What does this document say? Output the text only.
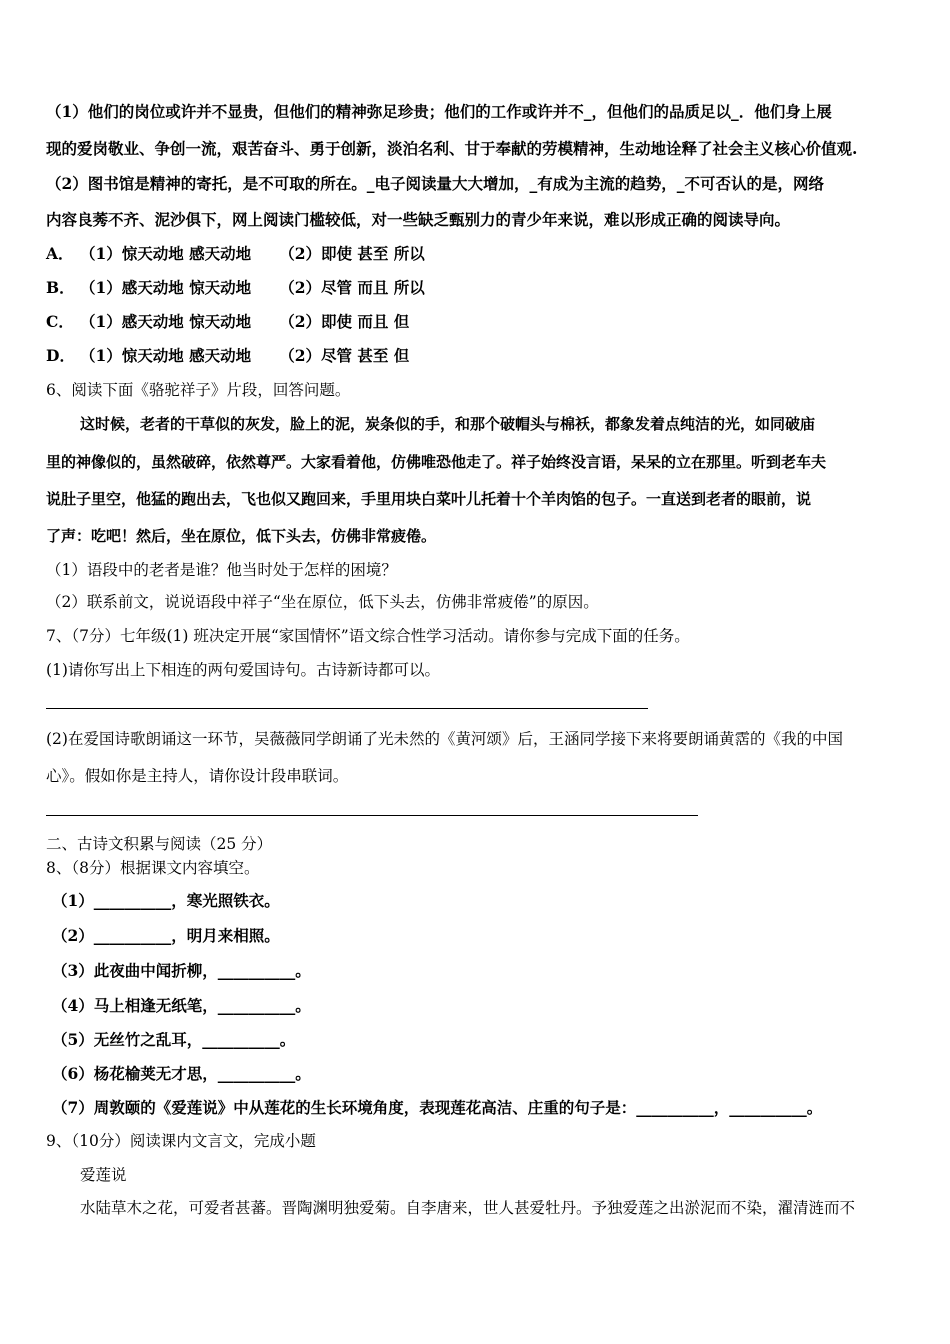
（1）他们的岗位或许并不显贵，但他们的精神弥足珍贵；他们的工作或许并不_，但他们的品质足以_．他们身上展
现的爱岗敬业、争创一流，艰苦奋斗、勇于创新，淡泊名利、甘于奉献的劳模精神，生动地诠释了社会主义核心价值观.
（2）图书馆是精神的寄托，是不可取的所在。_电子阅读量大大增加，_有成为主流的趋势，_不可否认的是，网络
内容良莠不齐、泥沙俱下，网上阅读门槛较低，对一些缺乏甄别力的青少年来说，难以形成正确的阅读导向。
A． （1）惊天动地 感天动地 （2）即使 甚至 所以
B． （1）感天动地 惊天动地 （2）尽管 而且 所以
C． （1）感天动地 惊天动地 （2）即使 而且 但
D． （1）惊天动地 感天动地 （2）尽管 甚至 但
6、阅读下面《骆驼祥子》片段，回答问题。
这时候，老者的干草似的灰发，脸上的泥，炭条似的手，和那个破帽头与棉袄，都象发着点纯洁的光，如同破庙
里的神像似的，虽然破碎，依然尊严。大家看着他，仿佛唯恐他走了。祥子始终没言语，呆呆的立在那里。听到老车夫
说肚子里空，他猛的跑出去，飞也似又跑回来，手里用块白菜叶儿托着十个羊肉馅的包子。一直送到老者的眼前，说
了声：吃吧！然后，坐在原位，低下头去，仿佛非常疲倦。
（1）语段中的老者是谁？他当时处于怎样的困境？
（2）联系前文，说说语段中祥子“坐在原位，低下头去，仿佛非常疲倦”的原因。
7、（7分）七年级(1) 班决定开展“家国情怀”语文综合性学习活动。请你参与完成下面的任务。
(1)请你写出上下相连的两句爱国诗句。古诗新诗都可以。
(2)在爱国诗歌朗诵这一环节，吴薇薇同学朗诵了光未然的《黄河颂》后，王涵同学接下来将要朗诵黄霑的《我的中国
心》。假如你是主持人，请你设计段串联词。
二、古诗文积累与阅读（25 分）
8、（8分）根据课文内容填空。
（1）__________，寒光照铁衣。
（2）__________，明月来相照。
（3）此夜曲中闻折柳，__________。
（4）马上相逢无纸笔，__________。
（5）无丝竹之乱耳，__________。
（6）杨花榆荚无才思，__________。
（7）周敦颐的《爱莲说》中从莲花的生长环境角度，表现莲花高洁、庄重的句子是：__________，__________。
9、（10分）阅读课内文言文，完成小题
爱莲说
水陆草木之花，可爱者甚蕃。晋陶渊明独爱菊。自李唐来，世人甚爱牡丹。予独爱莲之出淤泥而不染，濯清涟而不
